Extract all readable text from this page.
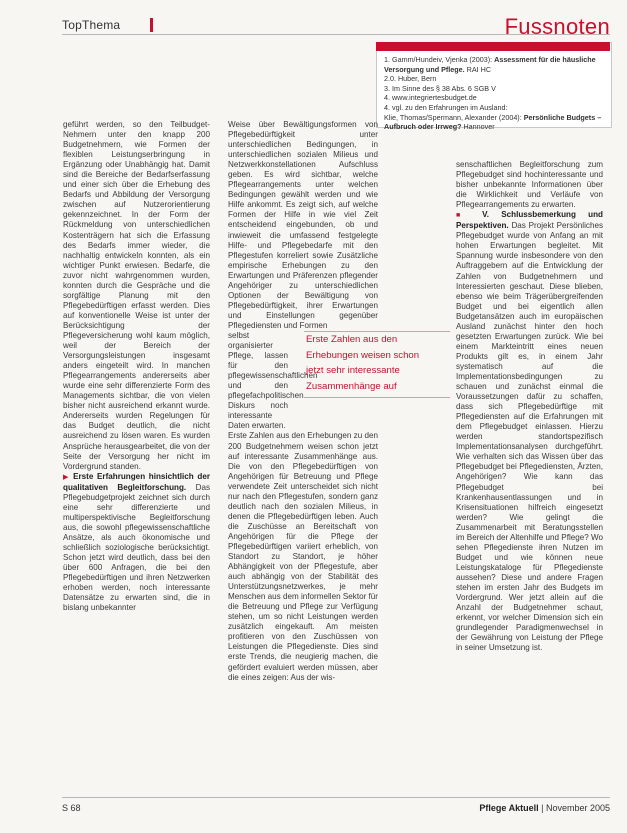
TopThema	Fussnoten
1. Gamm/Hundeiv, Vjenka (2003): Assessment für die häusliche Versorgung und Pflege. RAI HC
2.0. Huber, Bern
3. Im Sinne des § 38 Abs. 6 SGB V
4. www.integriertesbudget.de
4. vgl. zu den Erfahrungen im Ausland:
Klie, Thomas/Spermann, Alexander (2004): Persönliche Budgets – Aufbruch oder Irrweg? Hannover

geführt werden, so den Teilbudget-Nehmern unter den knapp 200 Budgetnehmern, wie Formen der flexiblen Leistungserbringung in Ergänzung oder Unabhängig hat. Damit sind die Bereiche der Bedarfserfassung und einer sich über die Erhebung des Bedarfs und Abbildung der Versorgung zwischen auf Nutzerorientierung gekennzeichnet. In der Form der Rückmeldung von unterschiedlichen Kostenträgern hat sich die Erfassung des Bedarfs immer wieder, die nachhaltig entwickeln konnten, als ein wichtiger Punkt erwiesen. Bedarfe, die zuvor nicht wahrgenommen wurden, konnten durch die Gespräche und die sorgfältige Planung mit den Pflegebedürftigen erfasst werden. Dies auf konventionelle Weise ist unter der Berücksichtigung der Pflegeversicherung wohl kaum möglich, weil der Bereich der Versorgungsleistungen insgesamt anders eingeteilt wird. In manchen Pflegearrangements andererseits aber wurde eine sehr differenzierte Form des Managements sichtbar, die von vielen bisher nicht ausreichend erkannt wurde. Andererseits wurden Regelungen für das Budget deutlich, die nicht ausreichend zu lösen waren. Es wurden Ansprüche herausgearbeitet, die von der Seite der Versorgung her nicht im Vordergrund standen.

▶ Erste Erfahrungen hinsichtlich der qualitativen Begleitforschung. Das Pflegebudgetprojekt zeichnet sich durch eine sehr differenzierte und multiperspektivische Begleitforschung aus, die sowohl pflegewissenschaftliche Ansätze, als auch ökonomische und schließlich soziologische berücksichtigt. Schon jetzt wird deutlich, dass bei den über 600 Anfragen, die bei den Pflegebedürftigen und ihren Netzwerken erhoben werden, noch interessante Datensätze zu erwarten sind, die in bislang unbekannter

Weise über Bewältigungsformen von Pflegebedürftigkeit unter unterschiedlichen Bedingungen, in unterschiedlichen sozialen Milieus und Netzwerkkonstellationen Aufschluss geben. Es wird sichtbar, welche Pflegearrangements unter welchen Bedingungen gewählt werden und wie Hilfe ankommt. Es zeigt sich, auf welche Formen der Hilfe in wie viel Zeit entscheidend eingebunden, ob und inwieweit die umfassend festgelegte Hilfe- und Pflegebedarfe mit den Pflegestufen korreliert sowie Zusätzliche empirische Erhebungen zu den Erwartungen und Präferenzen pflegender Angehöriger zu unterschiedlichen Optionen der Bewältigung von Pflegebedürftigkeit, ihrer Erwartungen und Einstellungen gegenüber Pflegediensten und Formen

selbst organisierter Pflege, lassen für den pflegewissenschaftlichen und den pflegefachpolitischen Diskurs noch interessante Daten erwarten.

Erste Zahlen aus den Erhebungen zu den 200 Budgetnehmern weisen schon jetzt auf interessante Zusammenhänge aus. Die von den Pflegebedürftigen von Angehörigen für Betreuung und Pflege verwendete Zeit unterscheidet sich nicht nur nach den Pflegestufen, sondern ganz deutlich nach den sozialen Milieus, in denen die Pflegebedürftigen leben. Auch die Zuschüsse an Bereitschaft von Angehörigen für die Pflege der Pflegebedürftigen variiert erheblich, von Standort zu Standort, je höher Abhängigkeit von der Pflegestufe, aber auch abhängig von der Stabilität des Unterstützungsnetzwerkes, je mehr Menschen aus dem informellen Sektor für die Betreuung und Pflege zur Verfügung stehen, um so nicht Leistungen werden zusätzlich eingekauft. Am meisten profitieren von den Zuschüssen von Leistungen die Pflegedienste. Dies sind erste Trends, die neugierig machen, die gefördert evaluiert werden müssen, aber die eines zeigen: Aus der wis-

Erste Zahlen aus den
Erhebungen weisen schon
jetzt sehr interessante
Zusammenhänge auf

senschaftlichen Begleitforschung zum Pflegebudget sind hochinteressante und bisher unbekannte Informationen über die Wirklichkeit und Verläufe von Pflegearrangements zu erwarten.

■ V. Schlussbemerkung und Perspektiven. Das Projekt Persönliches Pflegebudget wurde von Anfang an mit hohen Erwartungen begleitet. Mit Spannung wurde insbesondere von den Auftraggebern auf die Entwicklung der Zahlen von Budgetnehmern und Interessierten geschaut. Diese blieben, ebenso wie beim Trägerübergreifenden Budget und bei eigentlich allen Budgetansätzen auch im europäischen Ausland zunächst hinter den hoch gesetzten Erwartungen zurück. Wie bei einem Markteintritt eines neuen Produkts gilt es, in einem Jahr systematisch auf die Implementationsbedingungen zu schauen und zunächst einmal die Voraussetzungen dafür zu schaffen, dass sich Pflegebedürftige mit Pflegediensten auf die Erfahrungen mit dem Pflegebudget einlassen. Hierzu werden standortspezifisch Implementationsanalysen durchgeführt. Wie verhalten sich das Wissen über das Pflegebudget bei Pflegediensten, Ärzten, Angehörigen? Wie kann das Pflegebudget bei Krankenhausentlassungen und in Krisensituationen hilfreich eingesetzt werden? Wie gelingt die Zusammenarbeit mit Beratungsstellen im Bereich der Altenhilfe und Pflege? Wo sehen Pflegedienste ihren Nutzen im Budget und wie können neue Leistungskataloge für Pflegedienste aussehen? Diese und andere Fragen stehen im ersten Jahr des Budgets im Vordergrund. Wer jetzt allein auf die Anzahl der Budgetnehmer schaut, erkennt, vor welcher Dimension sich ein grundlegender Paradigmenwechsel in der Gewährung von Leistung der Pflege in seiner Umsetzung ist.

S 68	Pflege Aktuell | November 2005
